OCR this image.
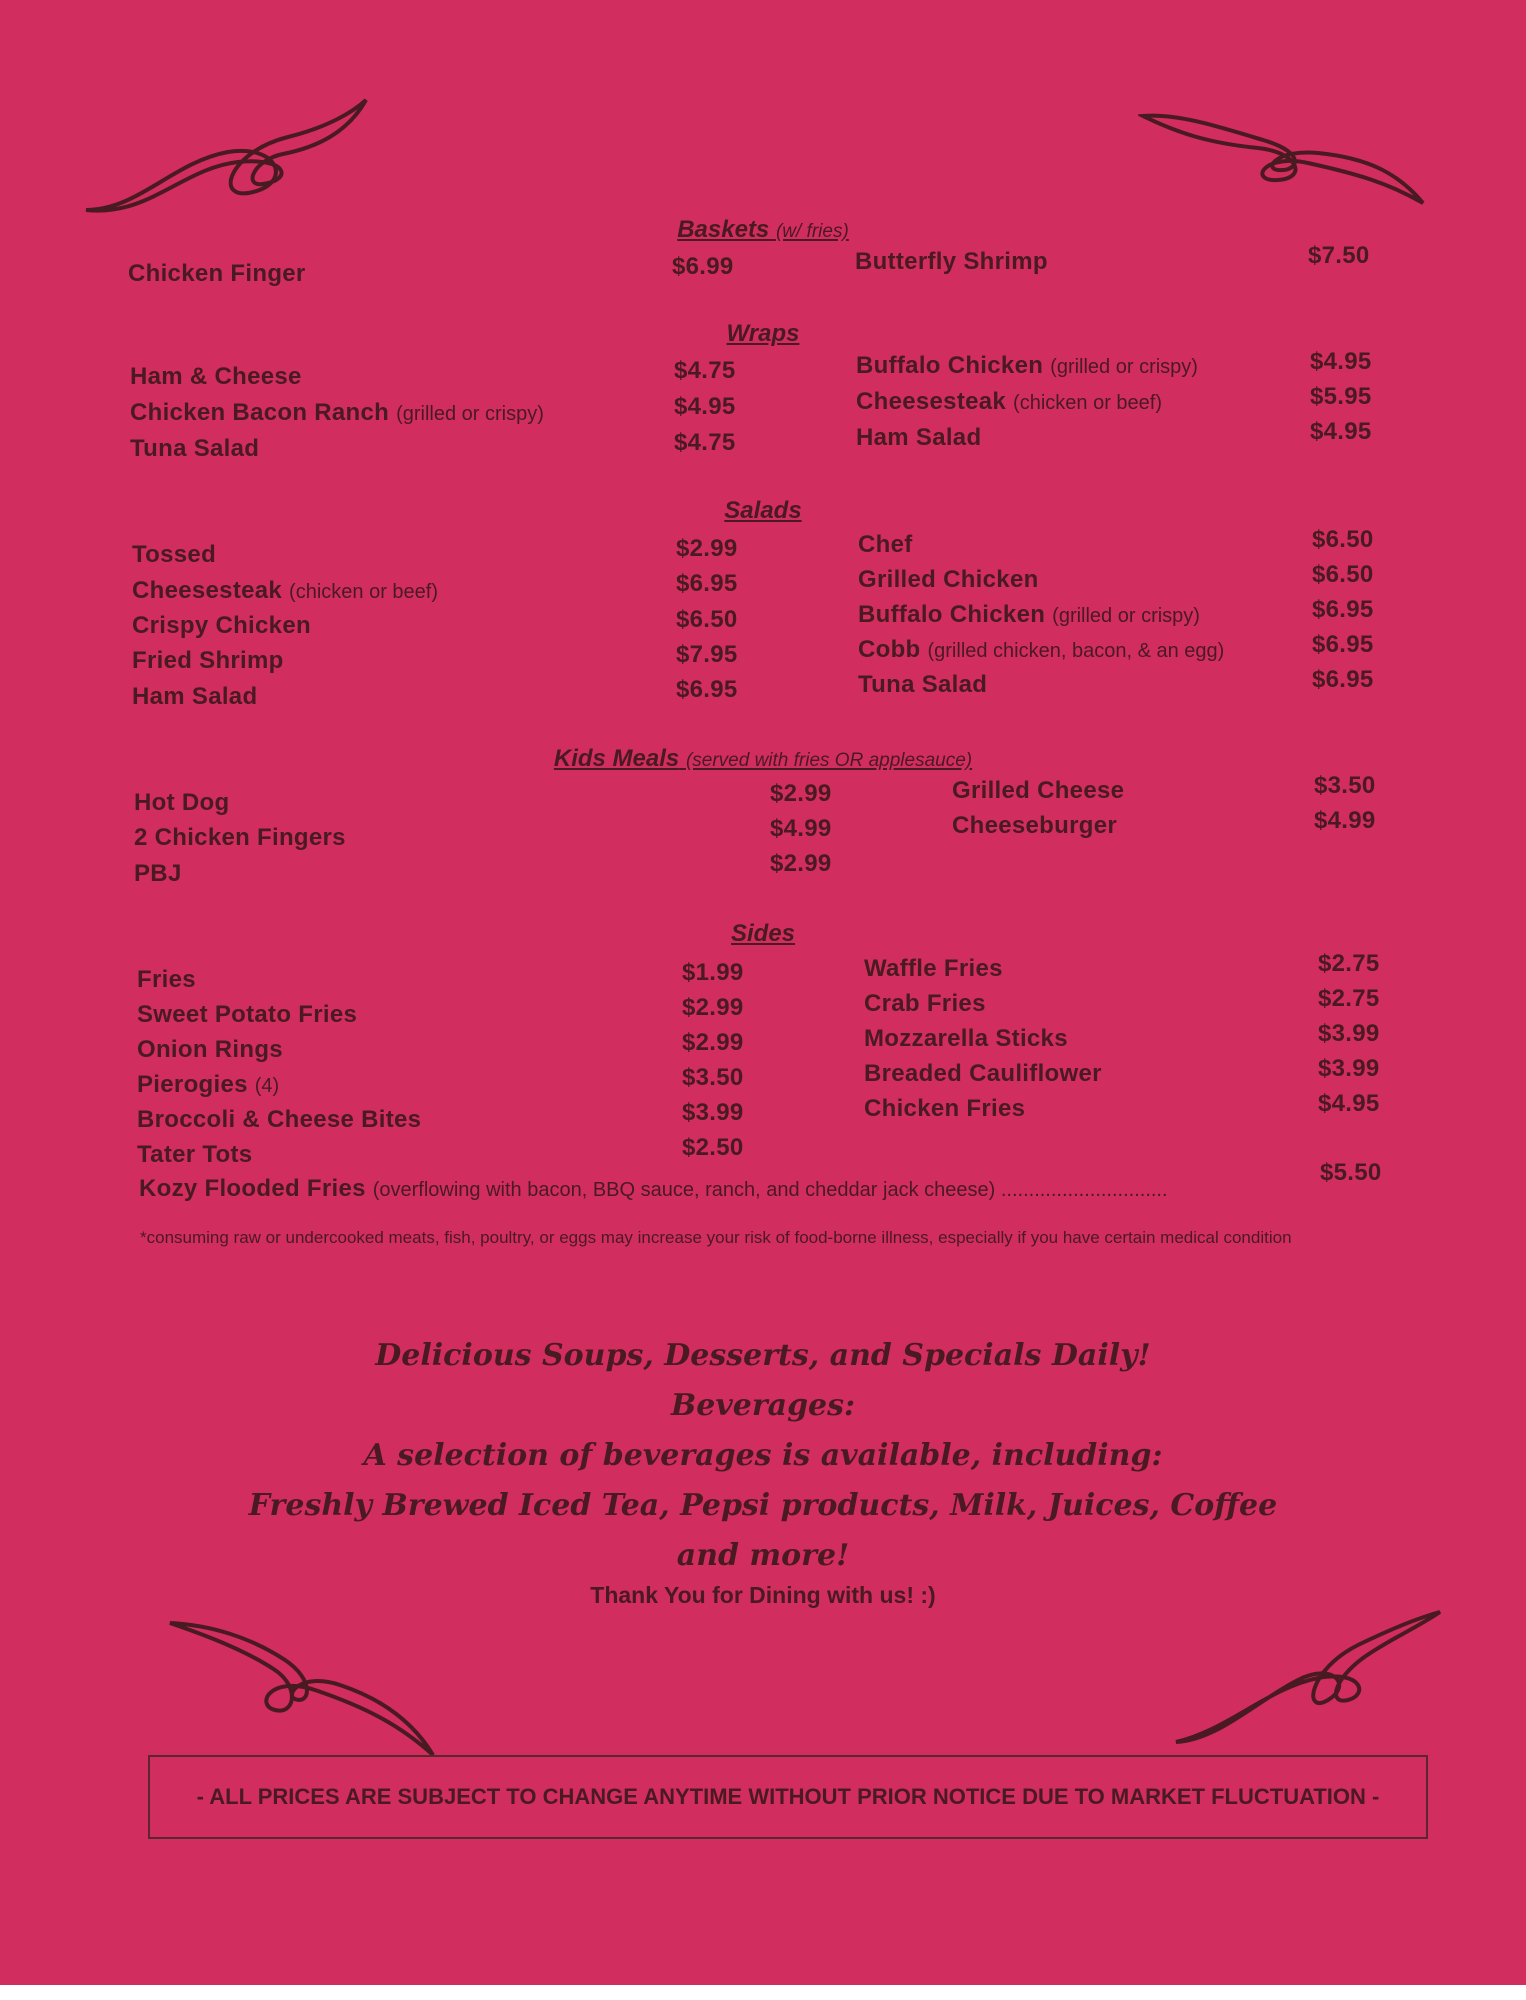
Baskets (w/ fries)
Chicken Finger	$6.99	Butterfly Shrimp	$7.50
Wraps
Ham & Cheese	$4.75
Chicken Bacon Ranch (grilled or crispy)	$4.95
Tuna Salad	$4.75
Buffalo Chicken (grilled or crispy)	$4.95
Cheesesteak (chicken or beef)	$5.95
Ham Salad	$4.95
Salads
Tossed	$2.99
Cheesesteak (chicken or beef)	$6.95
Crispy Chicken	$6.50
Fried Shrimp	$7.95
Ham Salad	$6.95
Chef	$6.50
Grilled Chicken	$6.50
Buffalo Chicken (grilled or crispy)	$6.95
Cobb (grilled chicken, bacon, & an egg)	$6.95
Tuna Salad	$6.95
Kids Meals (served with fries OR applesauce)
Hot Dog	$2.99
2 Chicken Fingers	$4.99
PBJ	$2.99
Grilled Cheese	$3.50
Cheeseburger	$4.99
Sides
Fries	$1.99
Sweet Potato Fries	$2.99
Onion Rings	$2.99
Pierogies (4)	$3.50
Broccoli & Cheese Bites	$3.99
Tater Tots	$2.50
Waffle Fries	$2.75
Crab Fries	$2.75
Mozzarella Sticks	$3.99
Breaded Cauliflower	$3.99
Chicken Fries	$4.95
Kozy Flooded Fries (overflowing with bacon, BBQ sauce, ranch, and cheddar jack cheese) ..............................
$5.50
*consuming raw or undercooked meats, fish, poultry, or eggs may increase your risk of food-borne illness, especially if you have certain medical condition
Delicious Soups, Desserts, and Specials Daily!
Beverages:
A selection of beverages is available, including:
Freshly Brewed Iced Tea, Pepsi products, Milk, Juices, Coffee
and more!
Thank You for Dining with us! :)
- ALL PRICES ARE SUBJECT TO CHANGE ANYTIME WITHOUT PRIOR NOTICE DUE TO MARKET FLUCTUATION -
